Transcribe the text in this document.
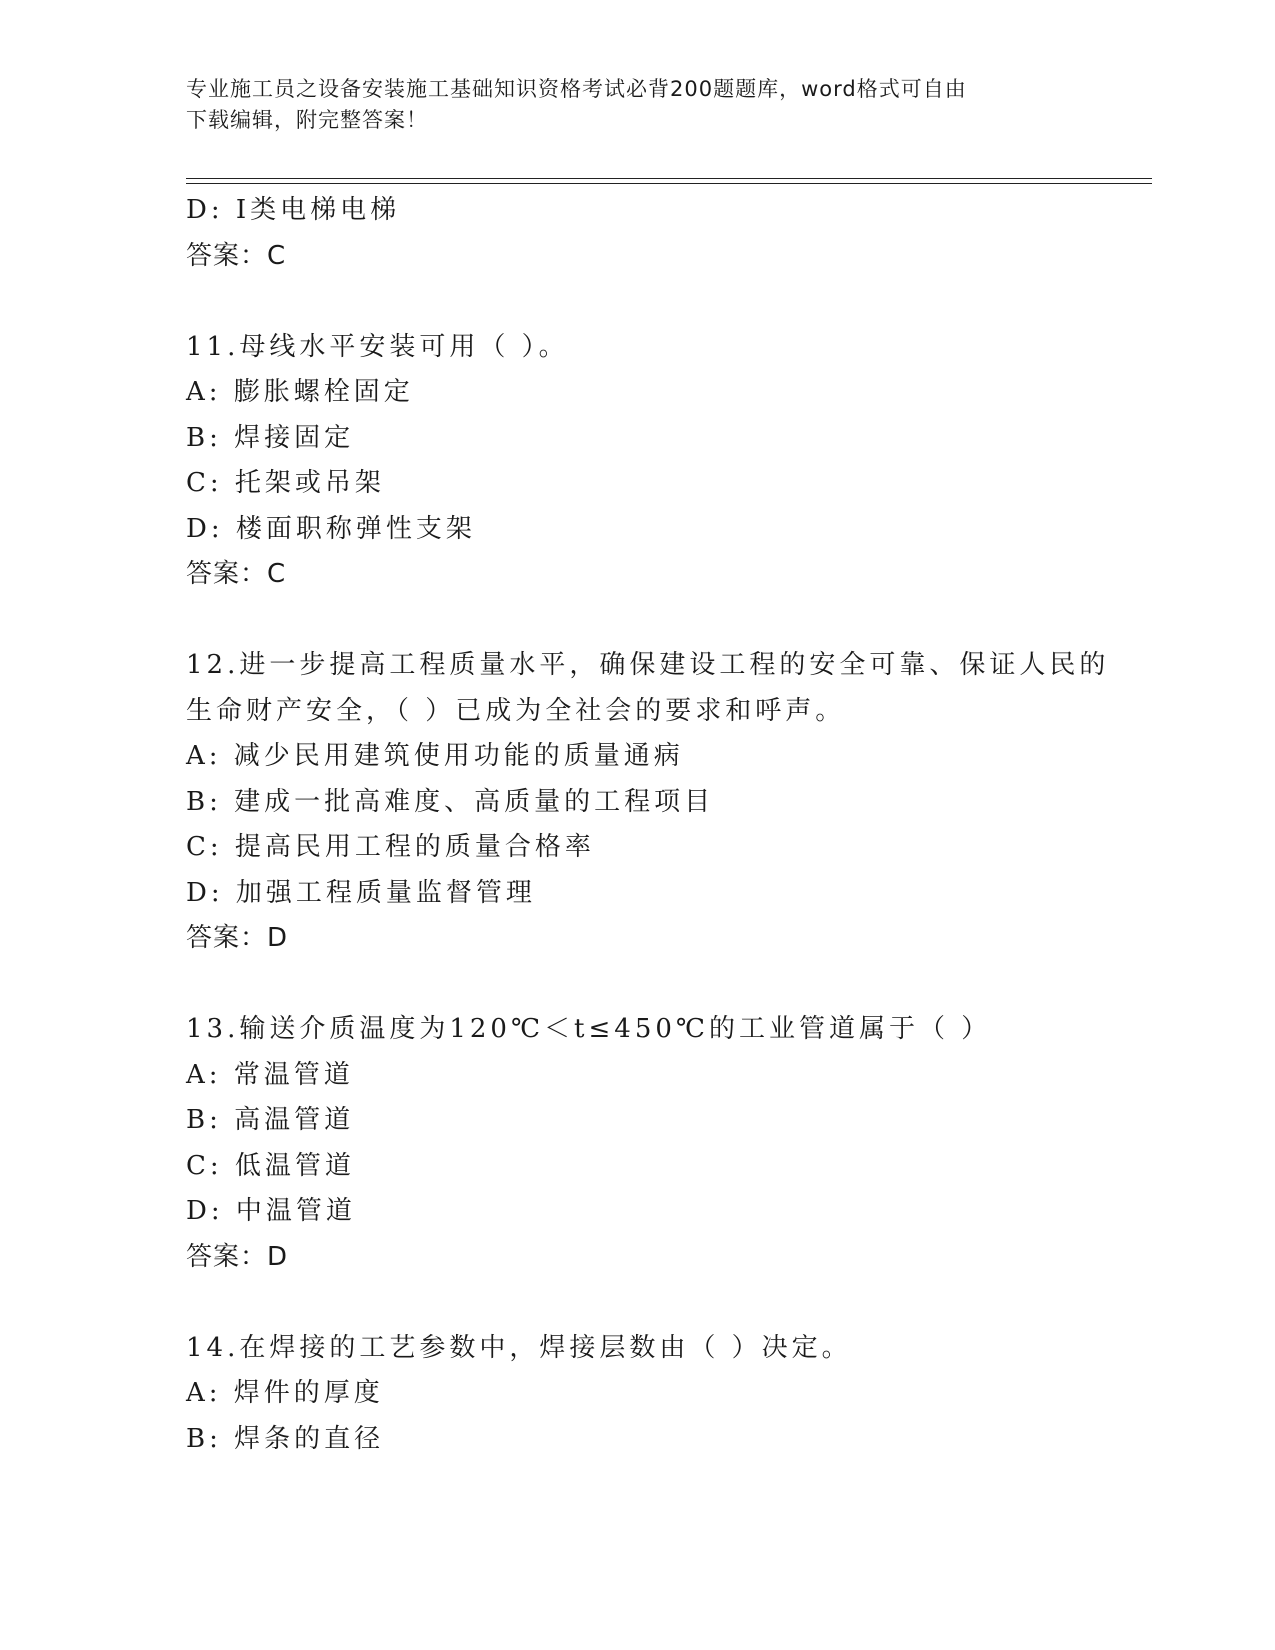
专业施工员之设备安装施工基础知识资格考试必背200题题库，word格式可自由
下载编辑，附完整答案！
D: Ⅰ类电梯电梯
答案：C
11.母线水平安装可用（ ）。
A: 膨胀螺栓固定
B: 焊接固定
C: 托架或吊架
D: 楼面职称弹性支架
答案：C
12.进一步提高工程质量水平，确保建设工程的安全可靠、保证人民的
生命财产安全，（ ）已成为全社会的要求和呼声。
A: 减少民用建筑使用功能的质量通病
B: 建成一批高难度、高质量的工程项目
C: 提高民用工程的质量合格率
D: 加强工程质量监督管理
答案：D
13.输送介质温度为120℃＜t≤450℃的工业管道属于（ ）
A: 常温管道
B: 高温管道
C: 低温管道
D: 中温管道
答案：D
14.在焊接的工艺参数中，焊接层数由（ ）决定。
A: 焊件的厚度
B: 焊条的直径
